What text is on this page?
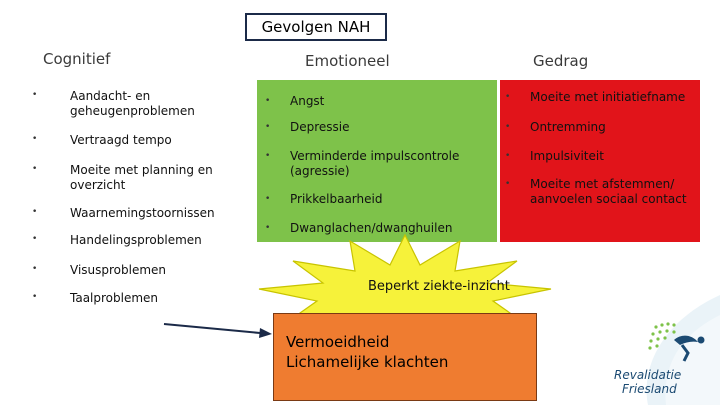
Gevolgen NAH
Cognitief	Emotioneel	Gedrag
•	Aandacht- en geheugenproblemen
•	Vertraagd tempo
•	Moeite met planning en overzicht
•	Waarnemingstoornissen
•	Handelingsproblemen
•	Visusproblemen
•	Taalproblemen
• Angst
• Depressie
• Verminderde impulscontrole (agressie)
• Prikkelbaarheid
• Dwanglachen/dwanghuilen
• Moeite met initiatiefname
• Ontremming
• Impulsiviteit
• Moeite met afstemmen/ aanvoelen sociaal contact
Beperkt ziekte-inzicht
Vermoeidheid
Lichamelijke klachten
Revalidatie
Friesland
